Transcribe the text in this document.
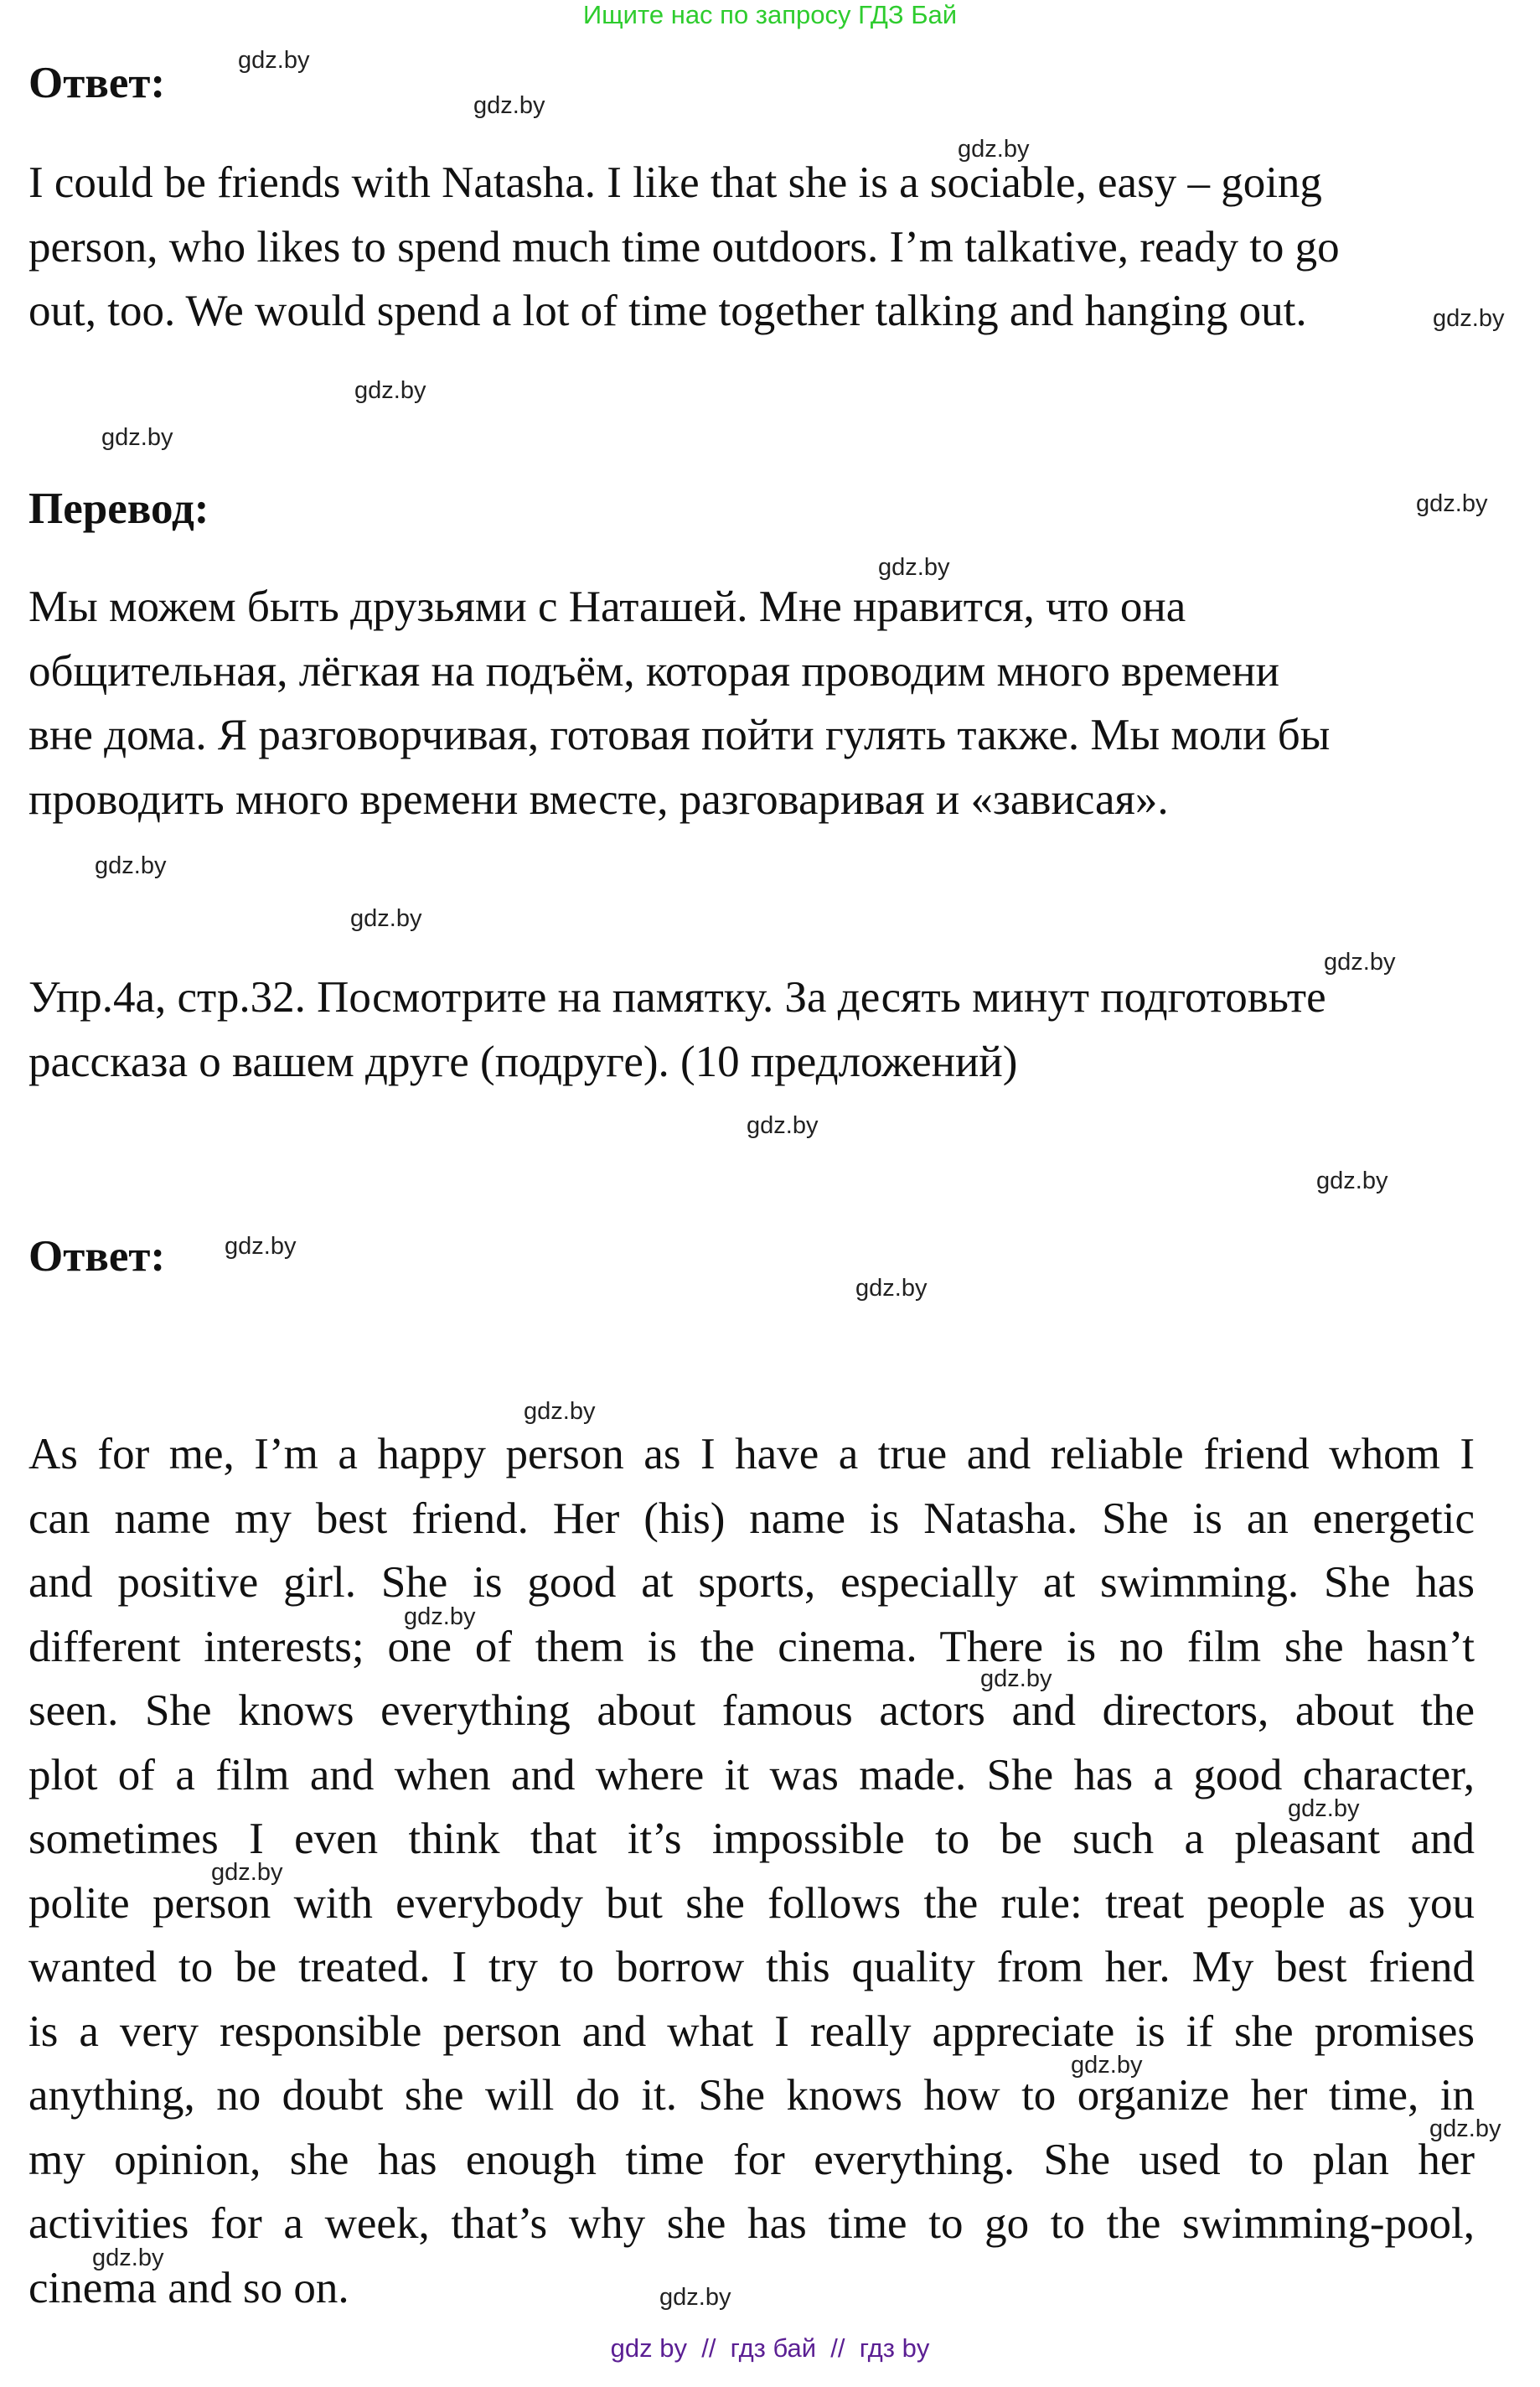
Ищите нас по запросу ГДЗ Бай
Ответ:
I could be friends with Natasha. I like that she is a sociable, easy – going
person, who likes to spend much time outdoors. I’m talkative, ready to go
out, too. We would spend a lot of time together talking and hanging out.
Перевод:
Мы можем быть друзьями с Наташей. Мне нравится, что она
общительная, лёгкая на подъём, которая проводим много времени
вне дома. Я разговорчивая, готовая пойти гулять также. Мы моли бы
проводить много времени вместе, разговаривая и «зависая».
Упр.4а, стр.32. Посмотрите на памятку. За десять минут подготовьте
рассказа о вашем друге (подруге). (10 предложений)
Ответ:
As for me, I’m a happy person as I have a true and reliable friend whom I
can name my best friend. Her (his) name is Natasha. She is an energetic
and positive girl. She is good at sports, especially at swimming. She has
different interests; one of them is the cinema. There is no film she hasn’t
seen. She knows everything about famous actors and directors, about the
plot of a film and when and where it was made. She has a good character,
sometimes I even think that it’s impossible to be such a pleasant and
polite person with everybody but she follows the rule: treat people as you
wanted to be treated. I try to borrow this quality from her. My best friend
is a very responsible person and what I really appreciate is if she promises
anything, no doubt she will do it. She knows how to organize her time, in
my opinion, she has enough time for everything. She used to plan her
activities for a week, that’s why she has time to go to the swimming-pool,
cinema and so on.
gdz.by
gdz.by
gdz.by
gdz.by
gdz.by
gdz.by
gdz.by
gdz.by
gdz.by
gdz.by
gdz.by
gdz.by
gdz.by
gdz.by
gdz.by
gdz.by
gdz.by
gdz.by
gdz.by
gdz.by
gdz.by
gdz.by
gdz.by
gdz.by
gdz by  //  гдз бай  //  гдз by
